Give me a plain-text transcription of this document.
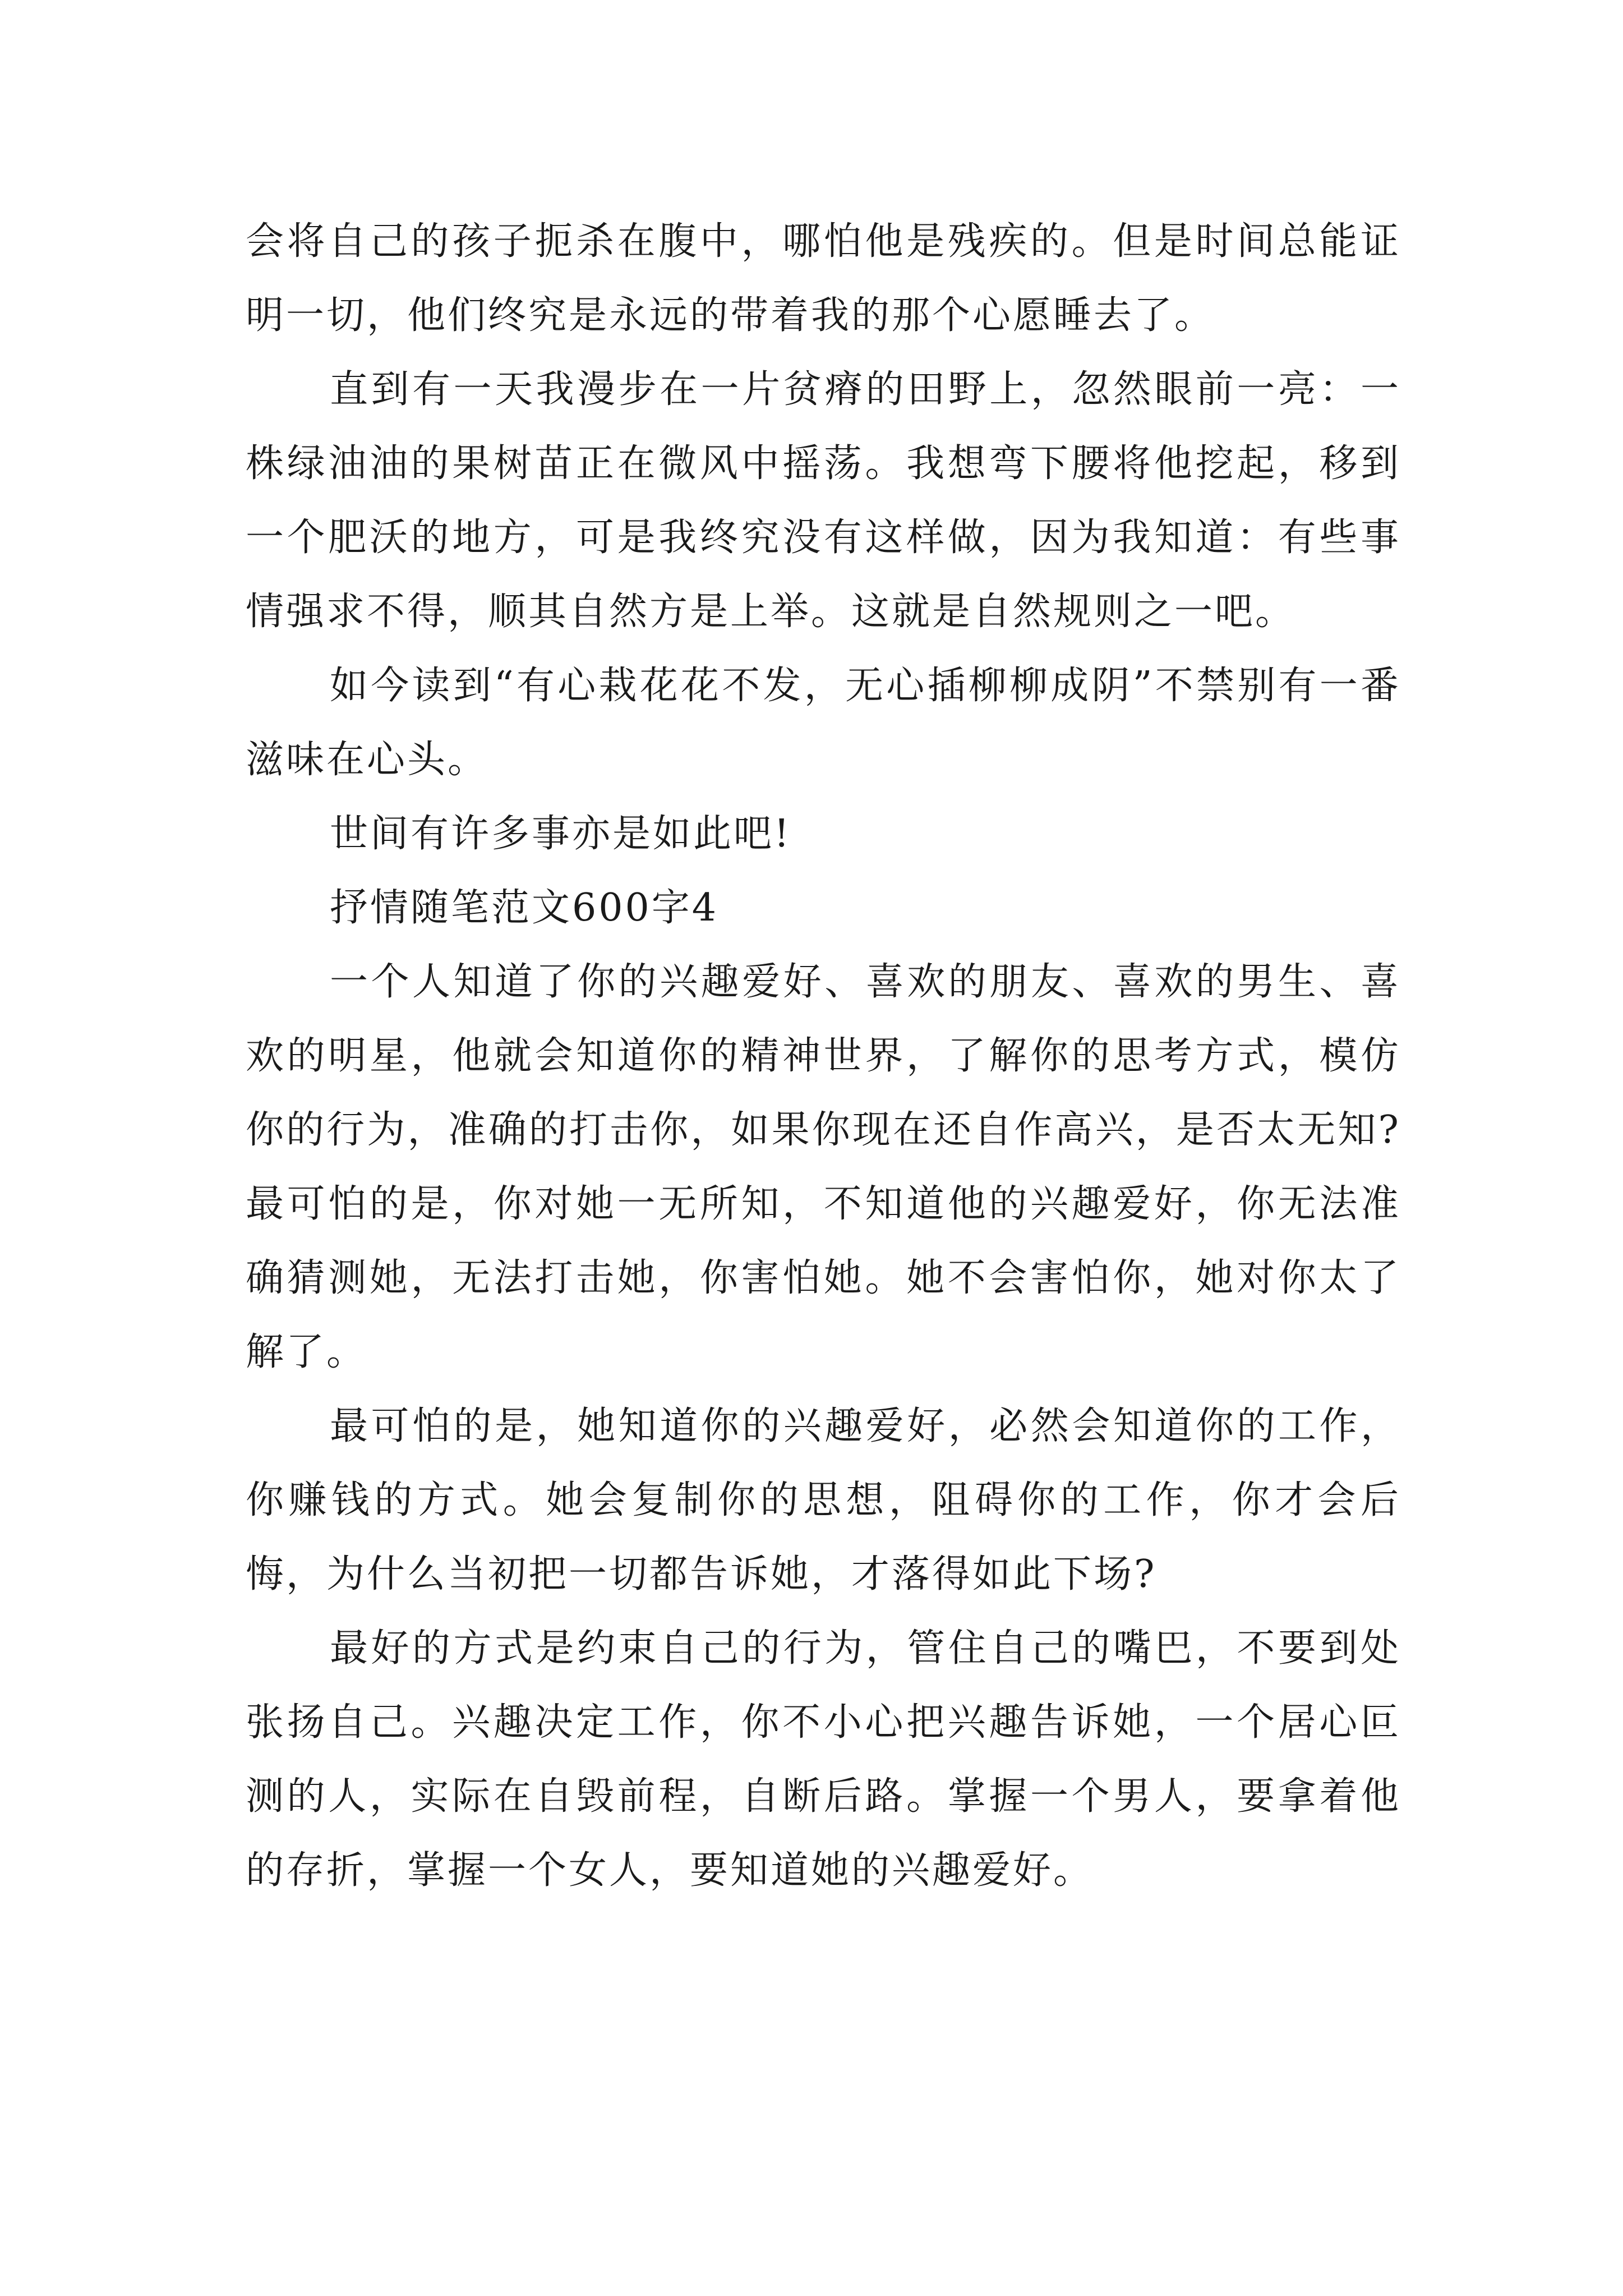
会将自己的孩子扼杀在腹中，哪怕他是残疾的。但是时间总能证明一切，他们终究是永远的带着我的那个心愿睡去了。

直到有一天我漫步在一片贫瘠的田野上，忽然眼前一亮：一株绿油油的果树苗正在微风中摇荡。我想弯下腰将他挖起，移到一个肥沃的地方，可是我终究没有这样做，因为我知道：有些事情强求不得，顺其自然方是上举。这就是自然规则之一吧。

如今读到“有心栽花花不发，无心插柳柳成阴”不禁别有一番滋味在心头。

世间有许多事亦是如此吧!

抒情随笔范文600字4

一个人知道了你的兴趣爱好、喜欢的朋友、喜欢的男生、喜欢的明星，他就会知道你的精神世界，了解你的思考方式，模仿你的行为，准确的打击你，如果你现在还自作高兴，是否太无知?最可怕的是，你对她一无所知，不知道他的兴趣爱好，你无法准确猜测她，无法打击她，你害怕她。她不会害怕你，她对你太了解了。

最可怕的是，她知道你的兴趣爱好，必然会知道你的工作，你赚钱的方式。她会复制你的思想，阻碍你的工作，你才会后悔，为什么当初把一切都告诉她，才落得如此下场?

最好的方式是约束自己的行为，管住自己的嘴巴，不要到处张扬自己。兴趣决定工作，你不小心把兴趣告诉她，一个居心叵测的人，实际在自毁前程，自断后路。掌握一个男人，要拿着他的存折，掌握一个女人，要知道她的兴趣爱好。
